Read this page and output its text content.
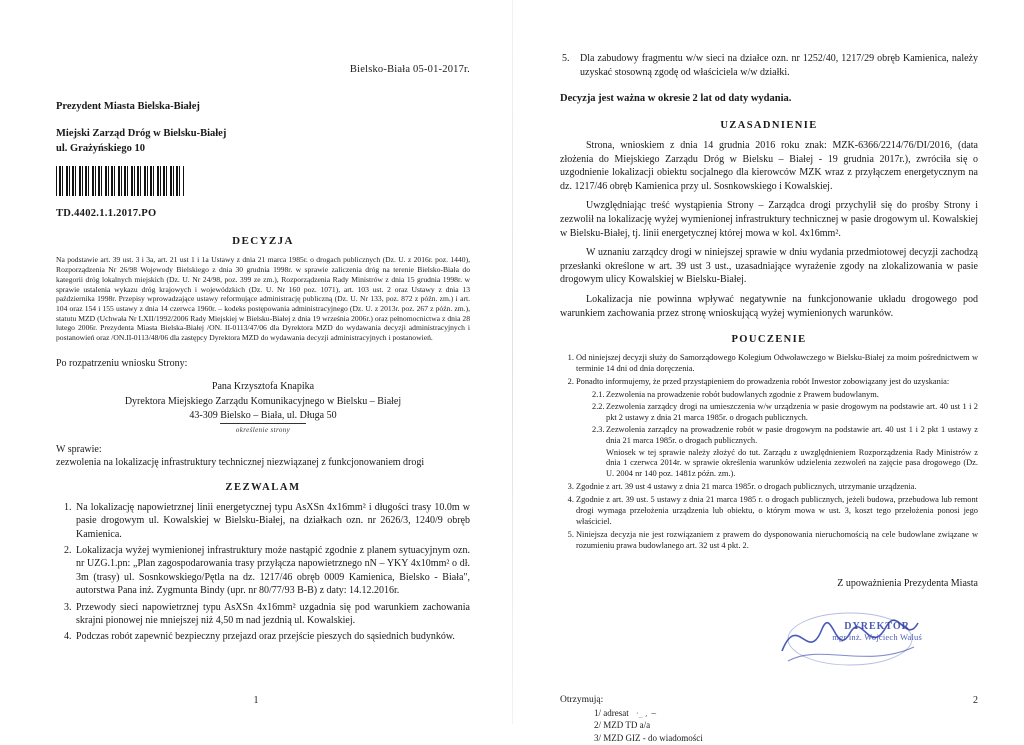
Bielsko-Biała 05-01-2017r.
Prezydent Miasta Bielska-Białej
Miejski Zarząd Dróg w Bielsku-Białej
ul. Grażyńskiego 10
TD.4402.1.1.2017.PO
DECYZJA

Na podstawie art. 39 ust. 3 i 3a, art. 21 ust 1 i 1a Ustawy z dnia 21 marca 1985r. o drogach publicznych (Dz. U. z 2016r. poz. 1440), Rozporządzenia Nr 26/98 Wojewody Bielskiego z dnia 30 grudnia 1998r. w sprawie zaliczenia dróg na terenie Bielsko-Biała do kategorii dróg lokalnych miejskich (Dz. U. Nr 24/98, poz. 399 ze zm.), Rozporządzenia Rady Ministrów z dnia 15 grudnia 1998r. w sprawie ustalenia wykazu dróg krajowych i wojewódzkich (Dz. U. Nr 160 poz. 1071), art. 103 ust. 2 oraz Ustawy z dnia 13 października 1998r. Przepisy wprowadzające ustawy reformujące administrację publiczną (Dz. U. Nr 133, poz. 872 z późn. zm.) i art. 104 oraz 154 i 155 ustawy z dnia 14 czerwca 1960r. – kodeks postępowania administracyjnego (Dz. U. z 2013r. poz. 267 z późn. zm.), statutu MZD (Uchwała Nr LXII/1992/2006 Rady Miejskiej w Bielsku-Białej z dnia 19 września 2006r.) oraz pełnomocnictwa z dnia 28 lutego 2006r. Prezydenta Miasta Bielska-Białej /ON. II-0113/47/06 dla Dyrektora MZD do wydawania decyzji administracyjnych i postanowień oraz /ON.II-0113/48/06 dla zastępcy Dyrektora MZD do wydawania decyzji administracyjnych i postanowień.

Po rozpatrzeniu wniosku Strony:

Pana Krzysztofa Knapika
Dyrektora Miejskiego Zarządu Komunikacyjnego w Bielsku – Białej
43-309 Bielsko – Biała, ul. Długa 50
określenie strony
W sprawie:
zezwolenia na lokalizację infrastruktury technicznej niezwiązanej z funkcjonowaniem drogi
ZEZWALAM
1. Na lokalizację napowietrznej linii energetycznej typu AsXSn 4x16mm² i długości trasy 10.0m w pasie drogowym ul. Kowalskiej w Bielsku-Białej, na działkach ozn. nr 2626/3, 1240/9 obręb Kamienica.
2. Lokalizacja wyżej wymienionej infrastruktury może nastąpić zgodnie z planem sytuacyjnym ozn. nr UZG.1.pn: „Plan zagospodarowania trasy przyłącza napowietrznego nN – YKY 4x10mm² o dł. 3m (trasy) ul. Sosnkowskiego/Pętla na dz. 1217/46 obręb 0009 Kamienica, Bielsko - Biała", autorstwa Pana inż. Zygmunta Bindy (upr. nr 80/77/93 B-B) z daty: 14.12.2016r.
3. Przewody sieci napowietrznej typu AsXSn 4x16mm² uzgadnia się pod warunkiem zachowania skrajni pionowej nie mniejszej niż 4,50 m nad jezdnią ul. Kowalskiej.
4. Podczas robót zapewnić bezpieczny przejazd oraz przejście pieszych do sąsiednich budynków.
1
5. Dla zabudowy fragmentu w/w sieci na działce ozn. nr 1252/40, 1217/29 obręb Kamienica, należy uzyskać stosowną zgodę od właściciela w/w działki.
Decyzja jest ważna w okresie 2 lat od daty wydania.
UZASADNIENIE

Strona, wnioskiem z dnia 14 grudnia 2016 roku znak: MZK-6366/2214/76/DI/2016, (data złożenia do Miejskiego Zarządu Dróg w Bielsku – Białej - 19 grudnia 2017r.), zwróciła się o uzgodnienie lokalizacji obiektu socjalnego dla kierowców MZK wraz z przyłączem energetycznym na dz. 1217/46 obręb Kamienica przy ul. Sosnkowskiego i Kowalskiej.

Uwzględniając treść wystąpienia Strony – Zarządca drogi przychylił się do prośby Strony i zezwolił na lokalizację wyżej wymienionej infrastruktury technicznej w pasie drogowym ul. Kowalskiej w Bielsku-Białej, tj. linii energetycznej której mowa w kol. 4x16mm².

W uznaniu zarządcy drogi w niniejszej sprawie w dniu wydania przedmiotowej decyzji zachodzą przesłanki określone w art. 39 ust 3 ust., uzasadniające wyrażenie zgody na zlokalizowania w pasie drogowym ulicy Kowalskiej w Bielsku-Białej.

Lokalizacja nie powinna wpływać negatywnie na funkcjonowanie układu drogowego pod warunkiem zachowania przez stronę wnioskującą wyżej wymienionych warunków.

POUCZENIE
1. Od niniejszej decyzji służy do Samorządowego Kolegium Odwoławczego w Bielsku-Białej za moim pośrednictwem w terminie 14 dni od dnia doręczenia.
2. Ponadto informujemy, że przed przystąpieniem do prowadzenia robót Inwestor zobowiązany jest do uzyskania:
2.1. Zezwolenia na prowadzenie robót budowlanych zgodnie z Prawem budowlanym.
2.2. Zezwolenia zarządcy drogi na umieszczenia w/w urządzenia w pasie drogowym na podstawie art. 40 ust 1 i 2 pkt 2 ustawy z dnia 21 marca 1985r. o drogach publicznych.
2.3. Zezwolenia zarządcy na prowadzenie robót w pasie drogowym na podstawie art. 40 ust 1 i 2 pkt 1 ustawy z dnia 21 marca 1985r. o drogach publicznych.
Wniosek w tej sprawie należy złożyć do tut. Zarządu z uwzględnieniem Rozporządzenia Rady Ministrów z dnia 1 czerwca 2014r. w sprawie określenia warunków udzielenia zezwoleń na zajęcie pasa drogowego (Dz. U. 2004 nr 140 poz. 1481z późn. zm.).
3. Zgodnie z art. 39 ust 4 ustawy z dnia 21 marca 1985r. o drogach publicznych, utrzymanie urządzenia.
4. Zgodnie z art. 39 ust. 5 ustawy z dnia 21 marca 1985 r. o drogach publicznych, jeżeli budowa, przebudowa lub remont drogi wymaga przełożenia urządzenia lub obiektu, o którym mowa w ust. 3, koszt tego przełożenia ponosi jego właściciel.
5. Niniejsza decyzja nie jest rozwiązaniem z prawem do dysponowania nieruchomością na cele budowlane związane w rozumieniu prawa budowlanego art. 32 ust 4 pkt. 2.
Z upoważnienia Prezydenta Miasta
DYREKTOR
mgr inż. Wojciech Waluś
Otrzymują:
1/ adresat   ·_ , ~
2/ MZD TD a/a
3/ MZD GIZ - do wiadomości
2
